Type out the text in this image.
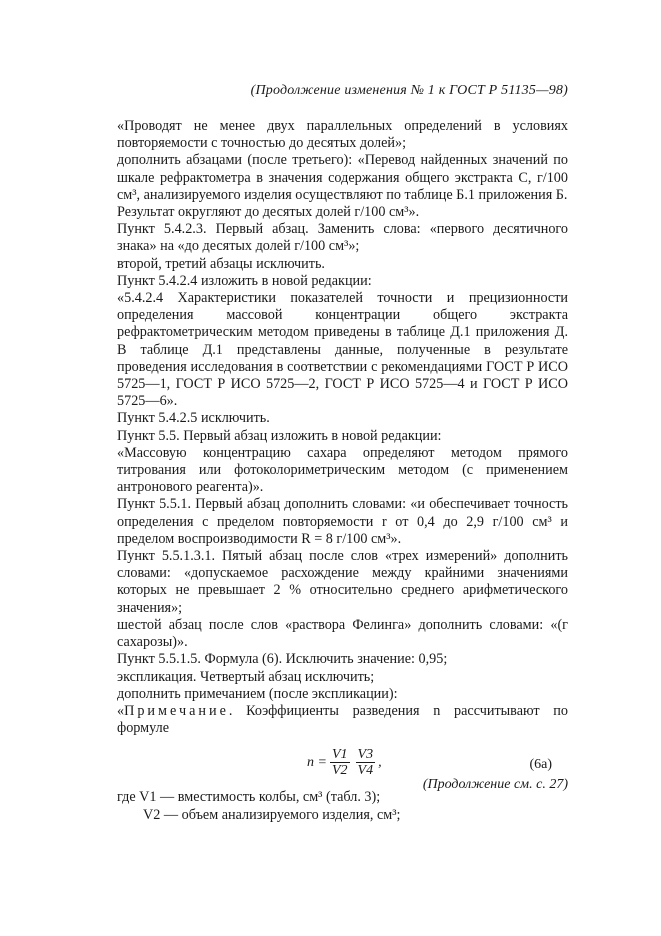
(Продолжение изменения № 1 к ГОСТ Р 51135—98)

«Проводят не менее двух параллельных определений в условиях повторяемости с точностью до десятых долей»;

дополнить абзацами (после третьего): «Перевод найденных значений по шкале рефрактометра в значения содержания общего экстракта С, г/100 см³, анализируемого изделия осуществляют по таблице Б.1 приложения Б.

Результат округляют до десятых долей г/100 см³».

Пункт 5.4.2.3. Первый абзац. Заменить слова: «первого десятичного знака» на «до десятых долей г/100 см³»;

второй, третий абзацы исключить.

Пункт 5.4.2.4 изложить в новой редакции:

«5.4.2.4 Характеристики показателей точности и прецизионности определения массовой концентрации общего экстракта рефрактометрическим методом приведены в таблице Д.1 приложения Д. В таблице Д.1 представлены данные, полученные в результате проведения исследования в соответствии с рекомендациями ГОСТ Р ИСО 5725—1, ГОСТ Р ИСО 5725—2, ГОСТ Р ИСО 5725—4 и ГОСТ Р ИСО 5725—6».

Пункт 5.4.2.5 исключить.

Пункт 5.5. Первый абзац изложить в новой редакции:

«Массовую концентрацию сахара определяют методом прямого титрования или фотоколориметрическим методом (с применением антронового реагента)».

Пункт 5.5.1. Первый абзац дополнить словами: «и обеспечивает точность определения с пределом повторяемости r от 0,4 до 2,9 г/100 см³ и пределом воспроизводимости R = 8 г/100 см³».

Пункт 5.5.1.3.1. Пятый абзац после слов «трех измерений» дополнить словами: «допускаемое расхождение между крайними значениями которых не превышает 2 % относительно среднего арифметического значения»;

шестой абзац после слов «раствора Фелинга» дополнить словами: «(г сахарозы)».

Пункт 5.5.1.5. Формула (6). Исключить значение: 0,95;

экспликация. Четвертый абзац исключить;

дополнить примечанием (после экспликации):

«Примечание. Коэффициенты разведения n рассчитывают по формуле

$n = \frac{V1}{V2} \frac{V3}{V4}$ ,	(6а)

где V1 — вместимость колбы, см³ (табл. 3);

V2 — объем анализируемого изделия, см³;

(Продолжение см. с. 27)
